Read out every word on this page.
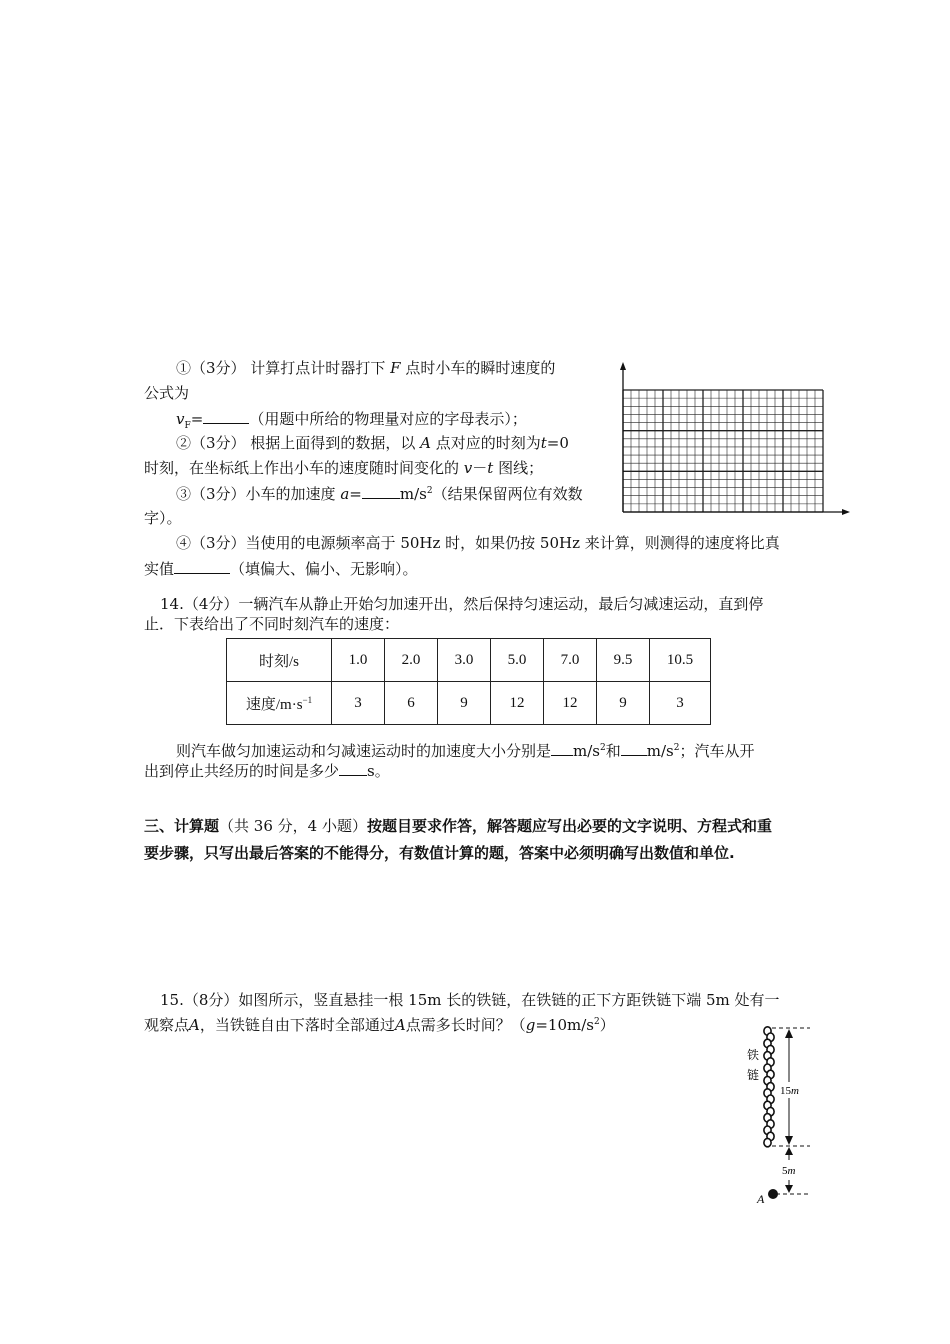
①（3分） 计算打点计时器打下 F 点时小车的瞬时速度的
公式为
$v_F=$	（用题中所给的物理量对应的字母表示）；
②（3分） 根据上面得到的数据，以 A 点对应的时刻为t=0
时刻，在坐标纸上作出小车的速度随时间变化的 v－t 图线；
③（3分）小车的加速度 a=	$m/s^2$（结果保留两位有效数
字）。
④（3分）当使用的电源频率高于 50Hz 时，如果仍按 50Hz 来计算，则测得的速度将比真
实值	（填偏大、偏小、无影响）。
14.（4分）一辆汽车从静止开始匀加速开出，然后保持匀速运动，最后匀减速运动，直到停
止．下表给出了不同时刻汽车的速度：
时刻/s	1.0	2.0	3.0	5.0	7.0	9.5	10.5
速度$/m\cdot s^{-1}$	3	6	9	12	12	9	3
则汽车做匀加速运动和匀减速运动时的加速度大小分别是 $m/s^2$和 $m/s^2$；汽车从开
出到停止共经历的时间是多少 s。
三、计算题（共 36 分，4 小题）按题目要求作答，解答题应写出必要的文字说明、方程式和重
要步骤，只写出最后答案的不能得分，有数值计算的题，答案中必须明确写出数值和单位.
15.（8分）如图所示，竖直悬挂一根 15m 长的铁链，在铁链的正下方距铁链下端 5m 处有一
观察点A，当铁链自由下落时全部通过A点需多长时间？$(g=10m/s^2)$
铁
链
15m
5m
A
